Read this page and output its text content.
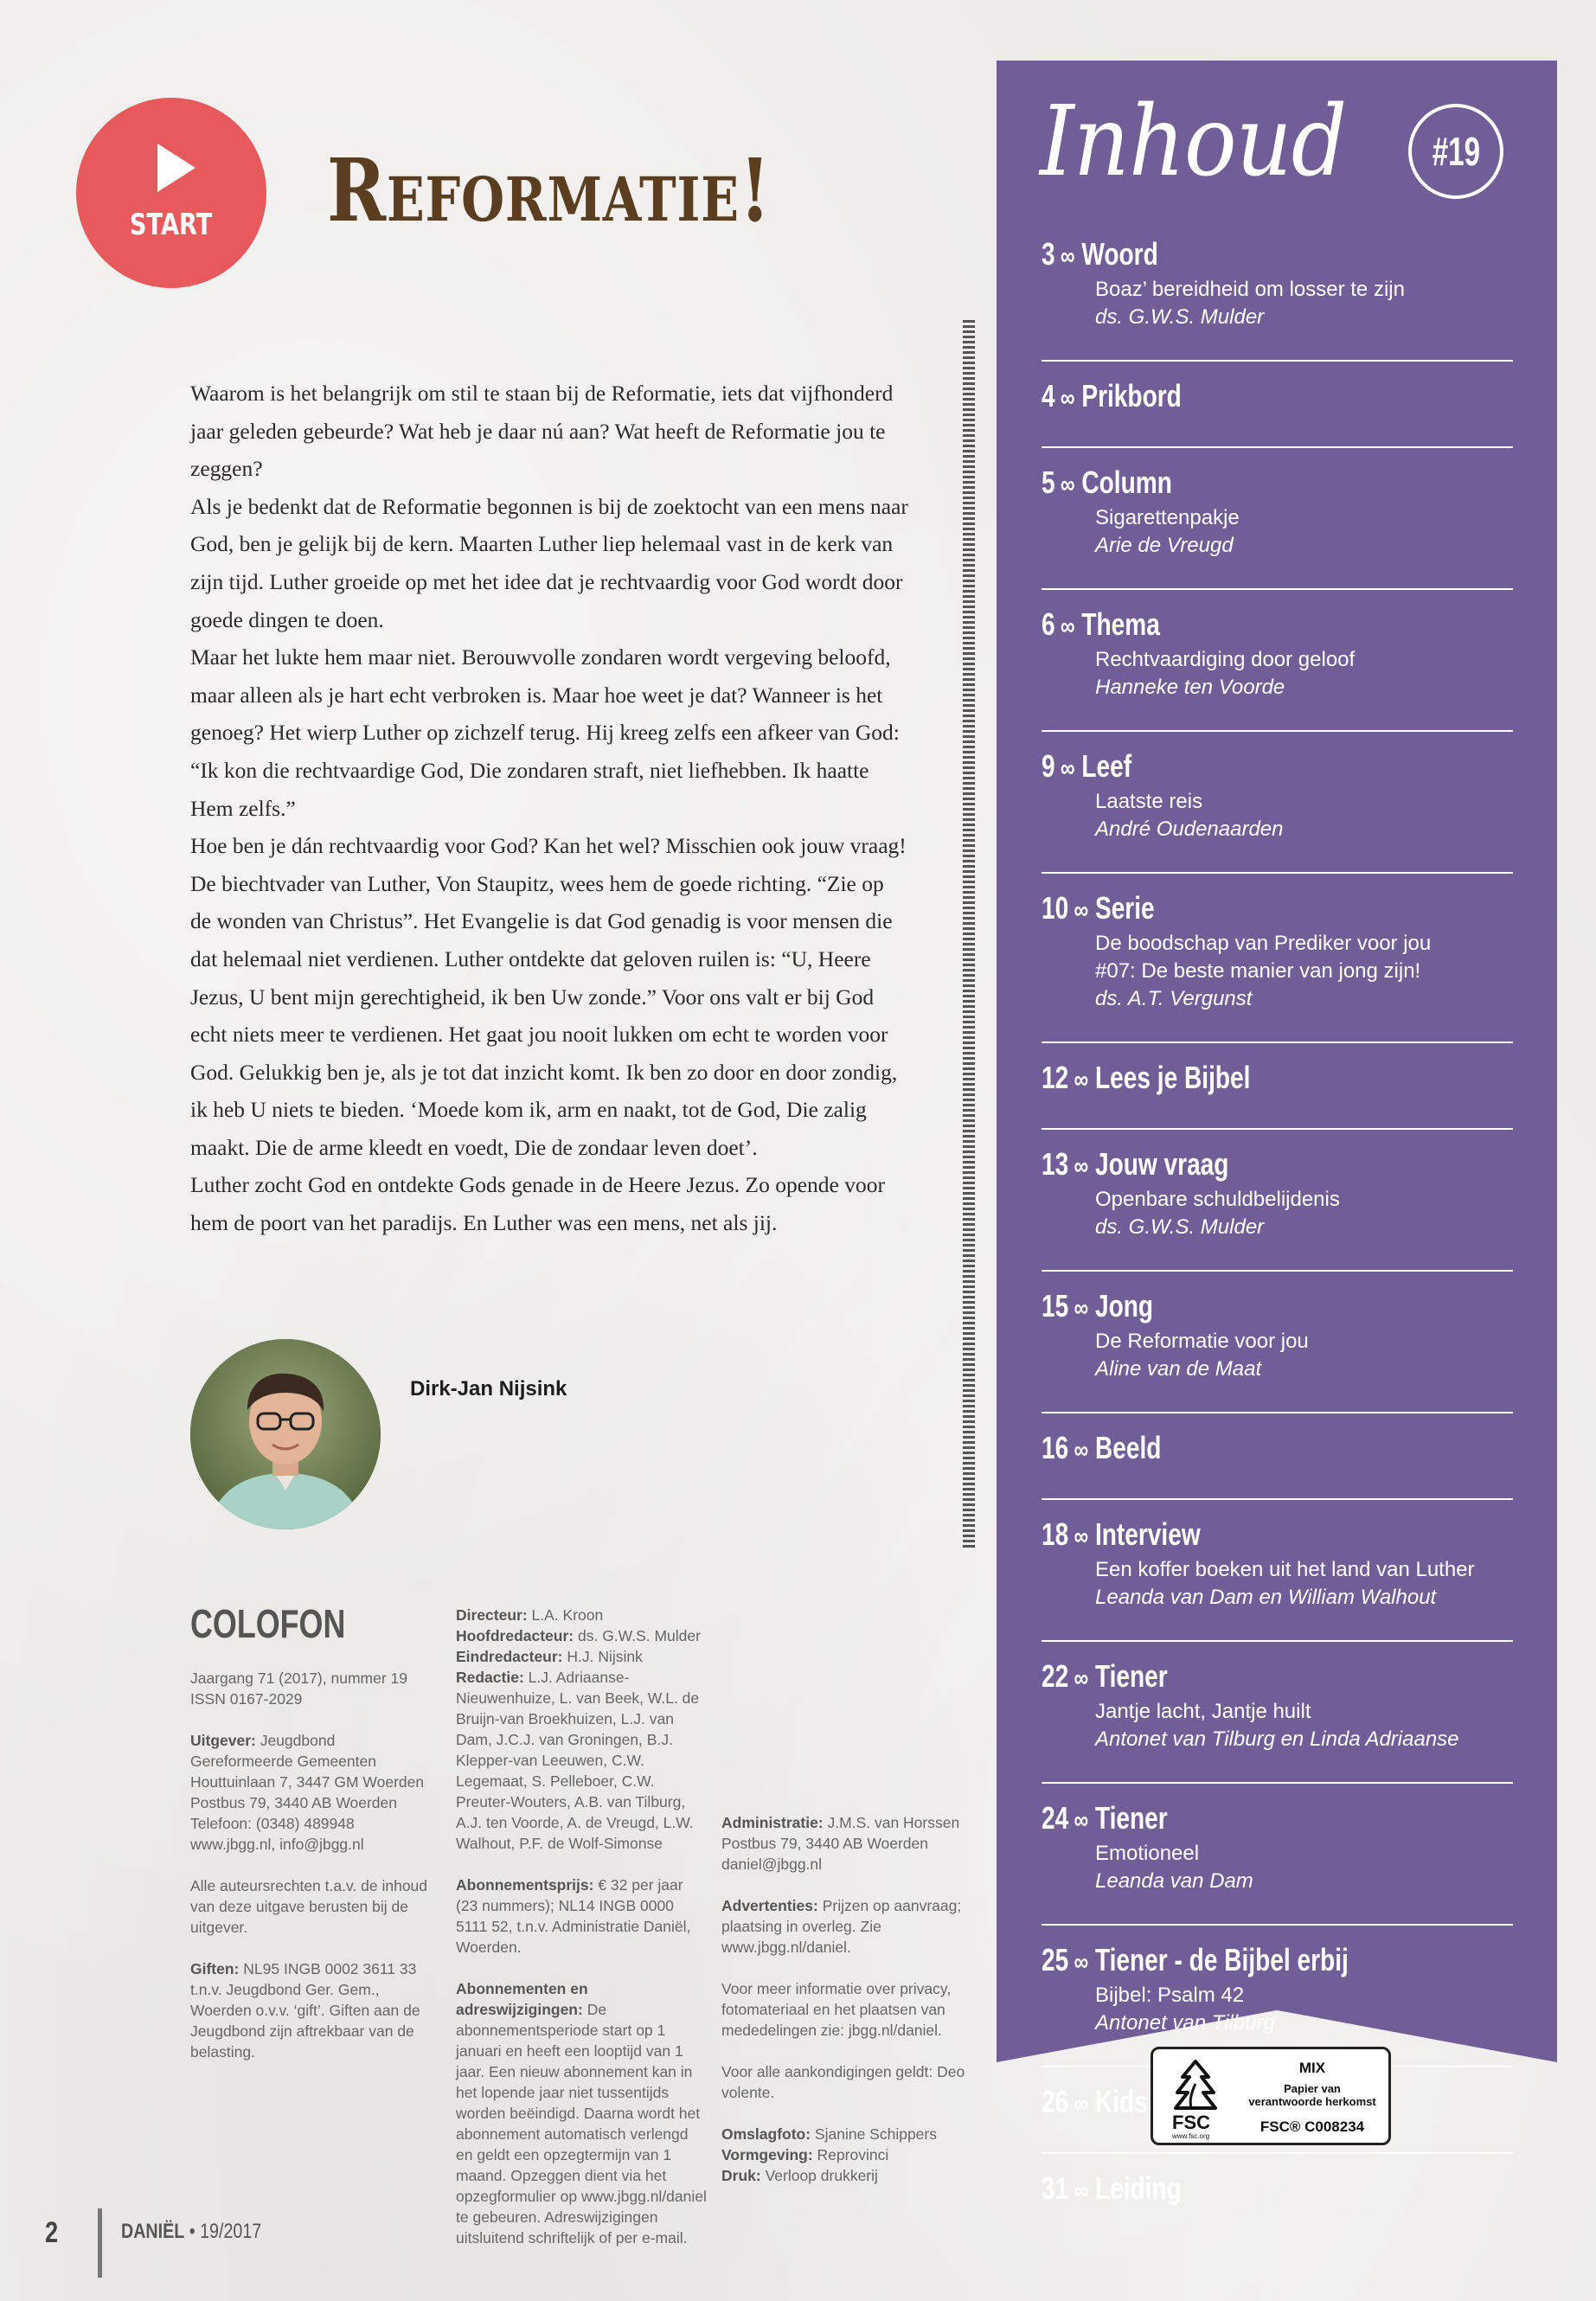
START Reformatie!

Waarom is het belangrijk om stil te staan bij de Reformatie, iets dat vijfhonderd jaar geleden gebeurde? Wat heb je daar nú aan? Wat heeft de Reformatie jou te zeggen?

Als je bedenkt dat de Reformatie begonnen is bij de zoektocht van een mens naar God, ben je gelijk bij de kern. Maarten Luther liep helemaal vast in de kerk van zijn tijd. Luther groeide op met het idee dat je rechtvaardig voor God wordt door goede dingen te doen.

Maar het lukte hem maar niet. Berouwvolle zondaren wordt vergeving beloofd, maar alleen als je hart echt verbroken is. Maar hoe weet je dat? Wanneer is het genoeg? Het wierp Luther op zichzelf terug. Hij kreeg zelfs een afkeer van God: “Ik kon die rechtvaardige God, Die zondaren straft, niet liefhebben. Ik haatte Hem zelfs.”

Hoe ben je dán rechtvaardig voor God? Kan het wel? Misschien ook jouw vraag! De biechtvader van Luther, Von Staupitz, wees hem de goede richting. “Zie op de wonden van Christus”. Het Evangelie is dat God genadig is voor mensen die dat helemaal niet verdienen. Luther ontdekte dat geloven ruilen is: “U, Heere Jezus, U bent mijn gerechtigheid, ik ben Uw zonde.” Voor ons valt er bij God echt niets meer te verdienen. Het gaat jou nooit lukken om echt te worden voor God. Gelukkig ben je, als je tot dat inzicht komt. Ik ben zo door en door zondig, ik heb U niets te bieden. ‘Moede kom ik, arm en naakt, tot de God, Die zalig maakt. Die de arme kleedt en voedt, Die de zondaar leven doet’.

Luther zocht God en ontdekte Gods genade in de Heere Jezus. Zo opende voor hem de poort van het paradijs. En Luther was een mens, net als jij.

Dirk-Jan Nijsink
COLOFON

Jaargang 71 (2017), nummer 19
ISSN 0167-2029

Uitgever: Jeugdbond Gereformeerde Gemeenten Houttuinlaan 7, 3447 GM Woerden Postbus 79, 3440 AB Woerden Telefoon: (0348) 489948 www.jbgg.nl, info@jbgg.nl

Alle auteursrechten t.a.v. de inhoud van deze uitgave berusten bij de uitgever.

Giften: NL95 INGB 0002 3611 33 t.n.v. Jeugdbond Ger. Gem., Woerden o.v.v. ‘gift’. Giften aan de Jeugdbond zijn aftrekbaar van de belasting.

Directeur: L.A. Kroon
Hoofdredacteur: ds. G.W.S. Mulder
Eindredacteur: H.J. Nijsink
Redactie: L.J. Adriaanse-Nieuwenhuize, L. van Beek, W.L. de Bruijn-van Broekhuizen, L.J. van Dam, J.C.J. van Groningen, B.J. Klepper-van Leeuwen, C.W. Legemaat, S. Pelleboer, C.W. Preuter-Wouters, A.B. van Tilburg, A.J. ten Voorde, A. de Vreugd, L.W. Walhout, P.F. de Wolf-Simonse

Abonnementsprijs: € 32 per jaar (23 nummers); NL14 INGB 0000 5111 52, t.n.v. Administratie Daniël, Woerden.

Abonnementen en adreswijzigingen: De abonnementsperiode start op 1 januari en heeft een looptijd van 1 jaar. Een nieuw abonnement kan in het lopende jaar niet tussentijds worden beëindigd. Daarna wordt het abonnement automatisch verlengd en geldt een opzegtermijn van 1 maand. Opzeggen dient via het opzegformulier op www.jbgg.nl/daniel te gebeuren. Adreswijzigingen uitsluitend schriftelijk of per e-mail.

Administratie: J.M.S. van Horssen Postbus 79, 3440 AB Woerden daniel@jbgg.nl

Advertenties: Prijzen op aanvraag; plaatsing in overleg. Zie www.jbgg.nl/daniel.

Voor meer informatie over privacy, fotomateriaal en het plaatsen van mededelingen zie: jbgg.nl/daniel.

Voor alle aankondigingen geldt: Deo volente.

Omslagfoto: Sjanine Schippers
Vormgeving: Reprovinci
Druk: Verloop drukkerij

2	DANIËL • 19/2017
Inhoud #19
3 ∞ Woord
Boaz’ bereidheid om losser te zijn
ds. G.W.S. Mulder
4 ∞ Prikbord
5 ∞ Column
Sigarettenpakje
Arie de Vreugd
6 ∞ Thema
Rechtvaardiging door geloof
Hanneke ten Voorde
9 ∞ Leef
Laatste reis
André Oudenaarden
10 ∞ Serie
De boodschap van Prediker voor jou
#07: De beste manier van jong zijn!
ds. A.T. Vergunst
12 ∞ Lees je Bijbel
13 ∞ Jouw vraag
Openbare schuldbelijdenis
ds. G.W.S. Mulder
15 ∞ Jong
De Reformatie voor jou
Aline van de Maat
16 ∞ Beeld
18 ∞ Interview
Een koffer boeken uit het land van Luther
Leanda van Dam en William Walhout
22 ∞ Tiener
Jantje lacht, Jantje huilt
Antonet van Tilburg en Linda Adriaanse
24 ∞ Tiener
Emotioneel
Leanda van Dam
25 ∞ Tiener - de Bijbel erbij
Bijbel: Psalm 42
Antonet van Tilburg
26 ∞ Kids
31 ∞ Leiding
FSC
www.fsc.org
MIX
Papier van
verantwoorde herkomst
FSC® C008234
